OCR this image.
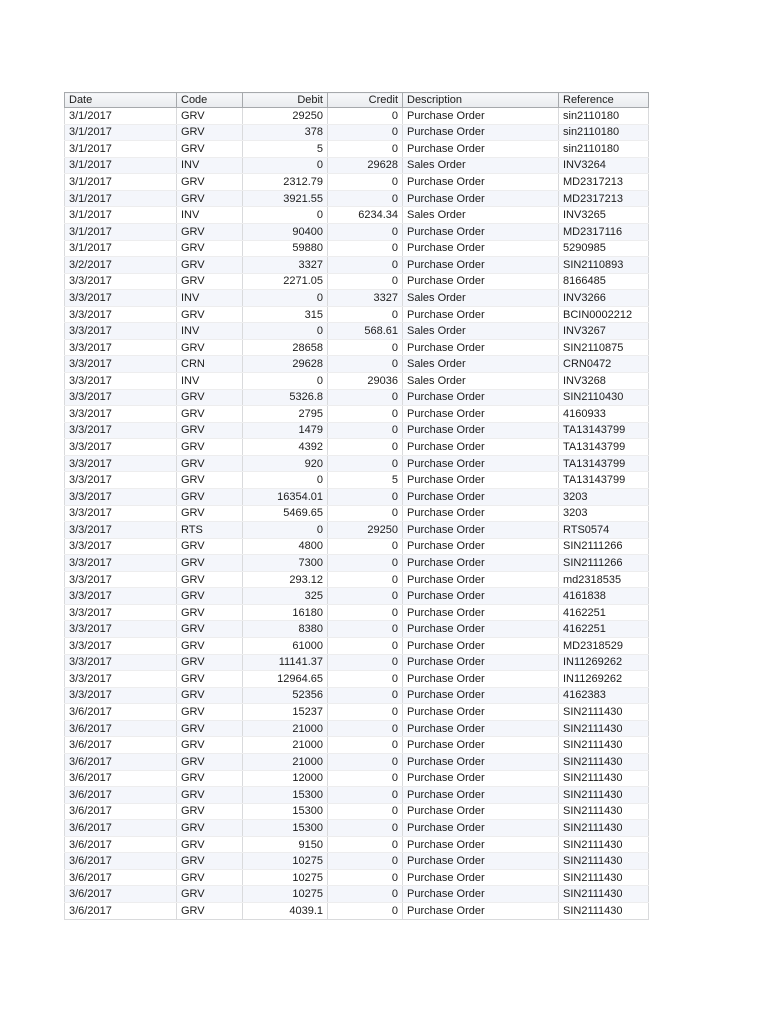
Date	Code	Debit	Credit	Description	Reference
3/1/2017	GRV	29250	0	Purchase Order	sin2110180
3/1/2017	GRV	378	0	Purchase Order	sin2110180
3/1/2017	GRV	5	0	Purchase Order	sin2110180
3/1/2017	INV	0	29628	Sales Order	INV3264
3/1/2017	GRV	2312.79	0	Purchase Order	MD2317213
3/1/2017	GRV	3921.55	0	Purchase Order	MD2317213
3/1/2017	INV	0	6234.34	Sales Order	INV3265
3/1/2017	GRV	90400	0	Purchase Order	MD2317116
3/1/2017	GRV	59880	0	Purchase Order	5290985
3/2/2017	GRV	3327	0	Purchase Order	SIN2110893
3/3/2017	GRV	2271.05	0	Purchase Order	8166485
3/3/2017	INV	0	3327	Sales Order	INV3266
3/3/2017	GRV	315	0	Purchase Order	BCIN0002212
3/3/2017	INV	0	568.61	Sales Order	INV3267
3/3/2017	GRV	28658	0	Purchase Order	SIN2110875
3/3/2017	CRN	29628	0	Sales Order	CRN0472
3/3/2017	INV	0	29036	Sales Order	INV3268
3/3/2017	GRV	5326.8	0	Purchase Order	SIN2110430
3/3/2017	GRV	2795	0	Purchase Order	4160933
3/3/2017	GRV	1479	0	Purchase Order	TA13143799
3/3/2017	GRV	4392	0	Purchase Order	TA13143799
3/3/2017	GRV	920	0	Purchase Order	TA13143799
3/3/2017	GRV	0	5	Purchase Order	TA13143799
3/3/2017	GRV	16354.01	0	Purchase Order	3203
3/3/2017	GRV	5469.65	0	Purchase Order	3203
3/3/2017	RTS	0	29250	Purchase Order	RTS0574
3/3/2017	GRV	4800	0	Purchase Order	SIN2111266
3/3/2017	GRV	7300	0	Purchase Order	SIN2111266
3/3/2017	GRV	293.12	0	Purchase Order	md2318535
3/3/2017	GRV	325	0	Purchase Order	4161838
3/3/2017	GRV	16180	0	Purchase Order	4162251
3/3/2017	GRV	8380	0	Purchase Order	4162251
3/3/2017	GRV	61000	0	Purchase Order	MD2318529
3/3/2017	GRV	11141.37	0	Purchase Order	IN11269262
3/3/2017	GRV	12964.65	0	Purchase Order	IN11269262
3/3/2017	GRV	52356	0	Purchase Order	4162383
3/6/2017	GRV	15237	0	Purchase Order	SIN2111430
3/6/2017	GRV	21000	0	Purchase Order	SIN2111430
3/6/2017	GRV	21000	0	Purchase Order	SIN2111430
3/6/2017	GRV	21000	0	Purchase Order	SIN2111430
3/6/2017	GRV	12000	0	Purchase Order	SIN2111430
3/6/2017	GRV	15300	0	Purchase Order	SIN2111430
3/6/2017	GRV	15300	0	Purchase Order	SIN2111430
3/6/2017	GRV	15300	0	Purchase Order	SIN2111430
3/6/2017	GRV	9150	0	Purchase Order	SIN2111430
3/6/2017	GRV	10275	0	Purchase Order	SIN2111430
3/6/2017	GRV	10275	0	Purchase Order	SIN2111430
3/6/2017	GRV	10275	0	Purchase Order	SIN2111430
3/6/2017	GRV	4039.1	0	Purchase Order	SIN2111430
